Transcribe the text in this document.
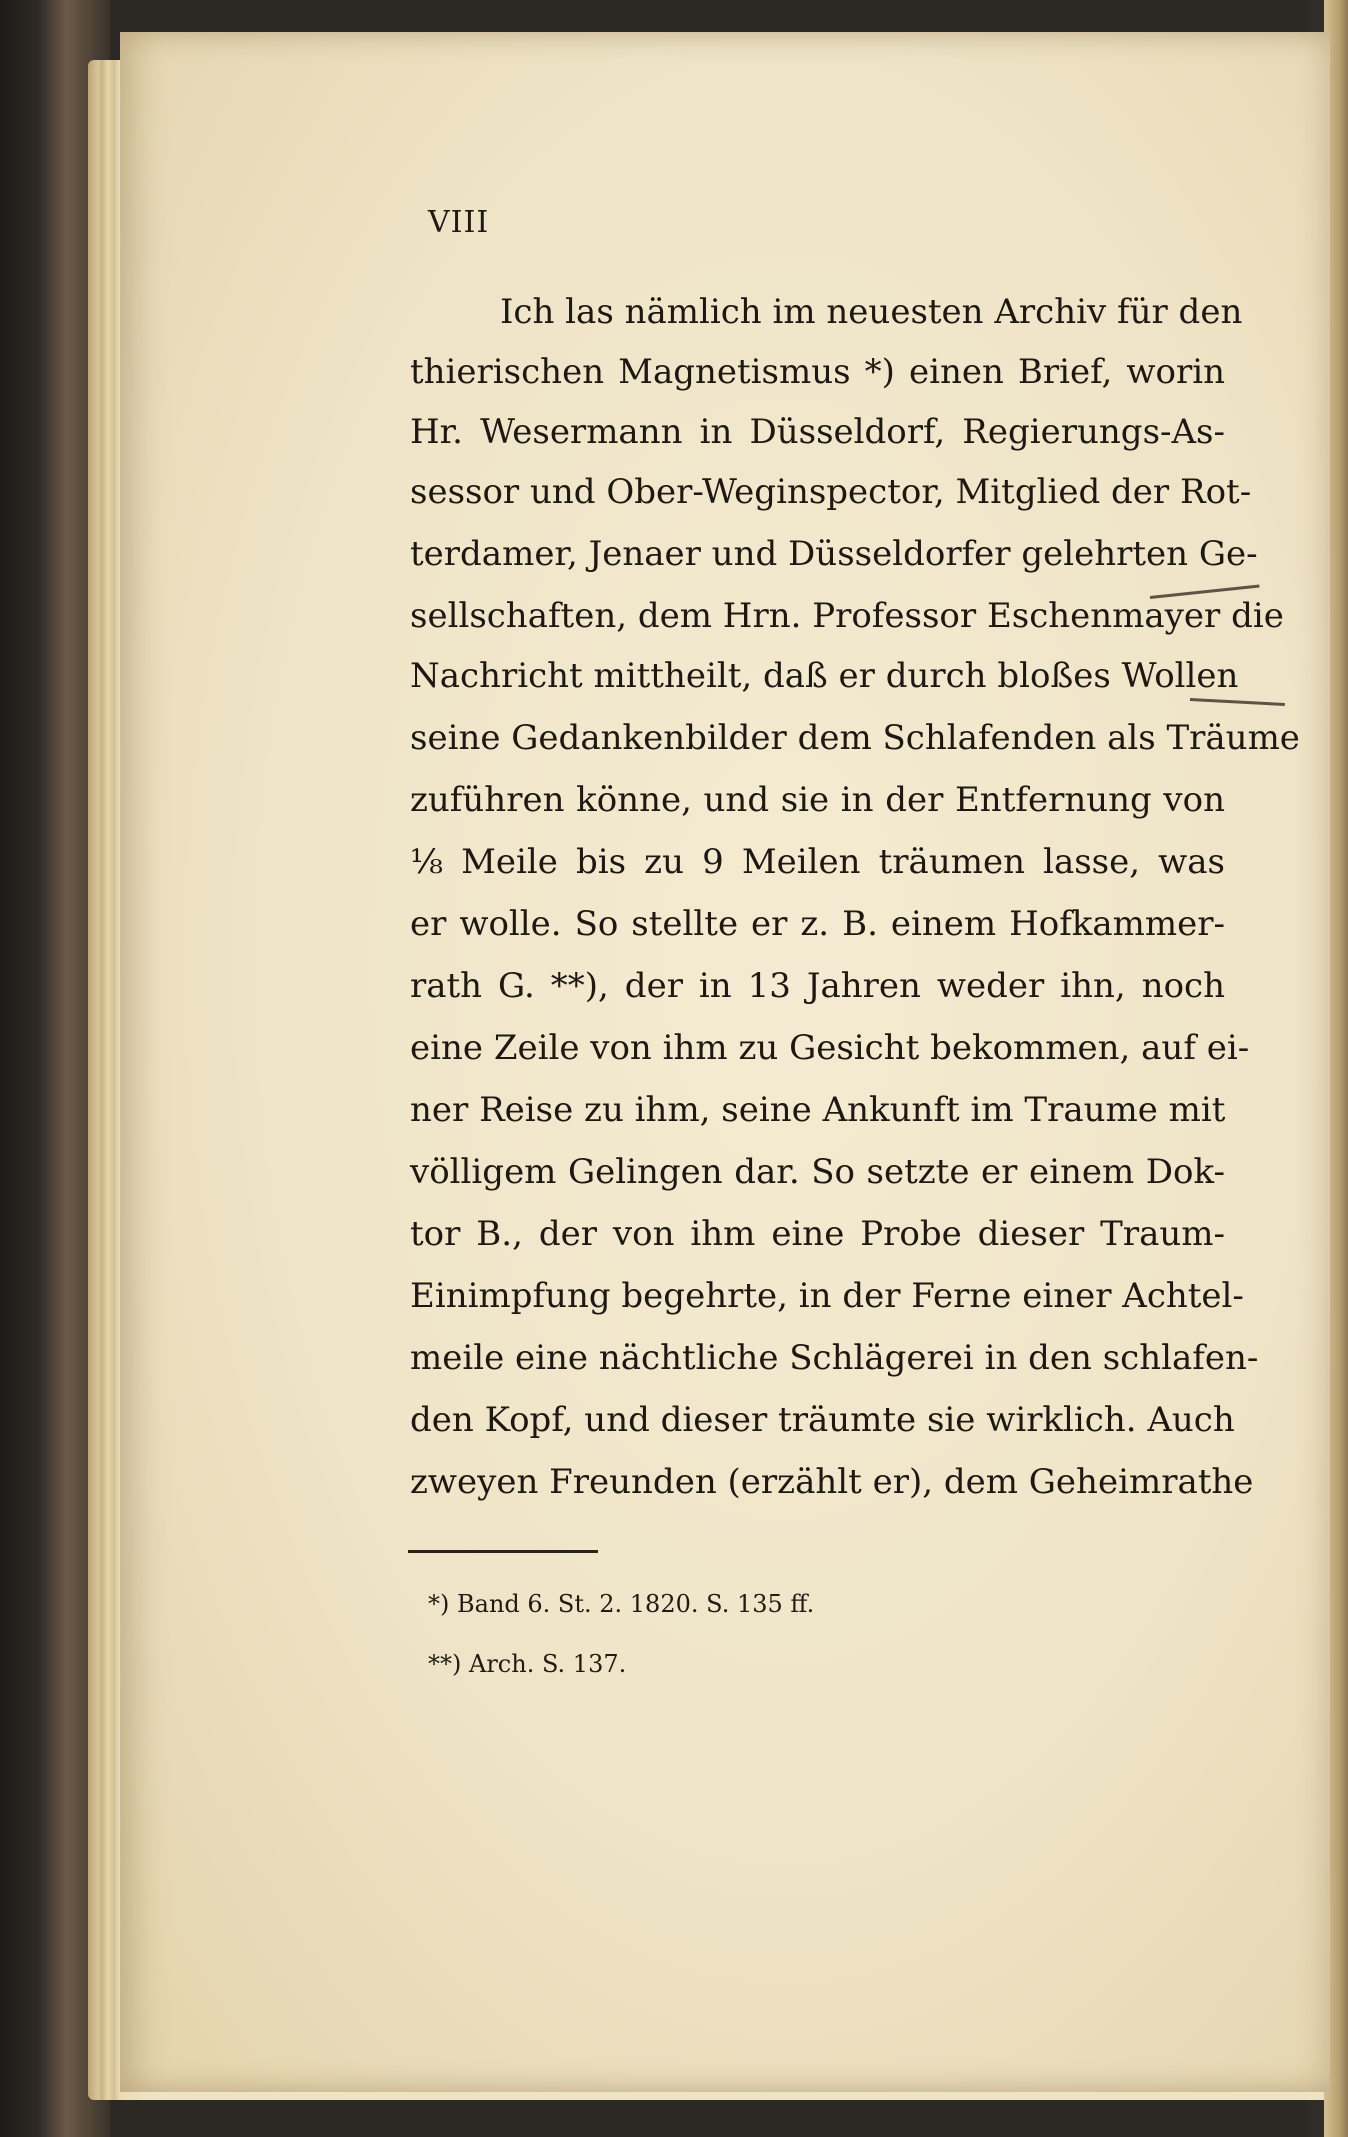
VIII

Ich las nämlich im neuesten Archiv für den

thierischen Magnetismus *) einen Brief, worin

Hr. Wesermann in Düsseldorf, Regierungs-As-

sessor und Ober-Weginspector, Mitglied der Rot-

terdamer, Jenaer und Düsseldorfer gelehrten Ge-

sellschaften, dem Hrn. Professor Eschenmayer die

Nachricht mittheilt, daß er durch bloßes Wollen

seine Gedankenbilder dem Schlafenden als Träume

zuführen könne, und sie in der Entfernung von

⅛ Meile bis zu 9 Meilen träumen lasse, was

er wolle. So stellte er z. B. einem Hofkammer-

rath G. **), der in 13 Jahren weder ihn, noch

eine Zeile von ihm zu Gesicht bekommen, auf ei-

ner Reise zu ihm, seine Ankunft im Traume mit

völligem Gelingen dar. So setzte er einem Dok-

tor B., der von ihm eine Probe dieser Traum-

Einimpfung begehrte, in der Ferne einer Achtel-

meile eine nächtliche Schlägerei in den schlafen-

den Kopf, und dieser träumte sie wirklich. Auch

zweyen Freunden (erzählt er), dem Geheimrathe

*) Band 6. St. 2. 1820. S. 135 ff.

**) Arch. S. 137.
